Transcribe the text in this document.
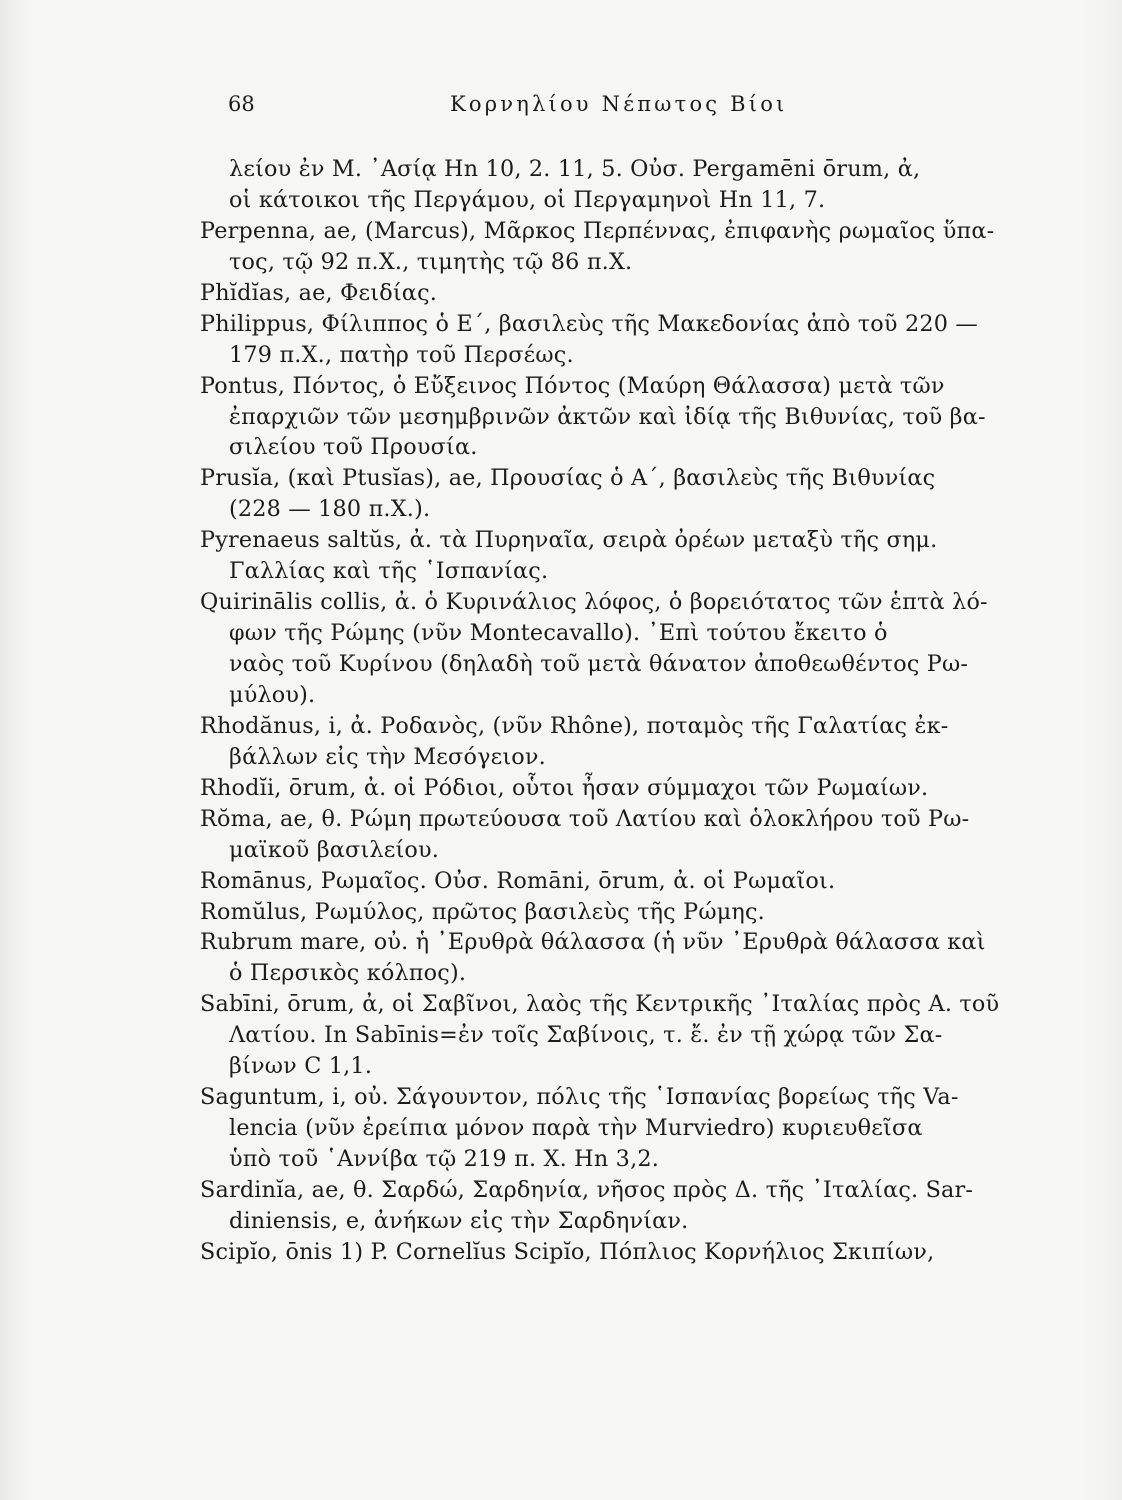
68	Κορνηλίου Νέπωτος Βίοι
λείου ἐν Μ. ᾿Ασίᾳ Hn 10, 2. 11, 5. Οὐσ. Pergamēni ōrum, ἀ,
οἱ κάτοικοι τῆς Περγάμου, οἱ Περγαμηνοὶ Hn 11, 7.
Perpenna, ae, (Marcus), Μᾶρκος Περπέννας, ἐπιφανὴς ρωμαῖος ὕπα-
τος, τῷ 92 π.Χ., τιμητὴς τῷ 86 π.Χ.
Phĭdĭas, ae, Φειδίας.
Philippus, Φίλιππος ὁ Ε΄, βασιλεὺς τῆς Μακεδονίας ἀπὸ τοῦ 220 —
179 π.Χ., πατὴρ τοῦ Περσέως.
Pontus, Πόντος, ὁ Εὔξεινος Πόντος (Μαύρη Θάλασσα) μετὰ τῶν
ἐπαρχιῶν τῶν μεσημβρινῶν ἀκτῶν καὶ ἰδίᾳ τῆς Βιθυνίας, τοῦ βα-
σιλείου τοῦ Προυσία.
Prusĭa, (καὶ Ptusĭas), ae, Προυσίας ὁ Α΄, βασιλεὺς τῆς Βιθυνίας
(228 — 180 π.Χ.).
Pyrenaeus saltŭs, ἀ. τὰ Πυρηναῖα, σειρὰ ὀρέων μεταξὺ τῆς σημ.
Γαλλίας καὶ τῆς ῾Ισπανίας.
Quirinālis collis, ἀ. ὁ Κυρινάλιος λόφος, ὁ βορειότατος τῶν ἑπτὰ λό-
φων τῆς Ρώμης (νῦν Montecavallo). ᾿Επὶ τούτου ἔκειτο ὁ
ναὸς τοῦ Κυρίνου (δηλαδὴ τοῦ μετὰ θάνατον ἀποθεωθέντος Ρω-
μύλου).
Rhodănus, i, ἀ. Ροδανὸς, (νῦν Rhône), ποταμὸς τῆς Γαλατίας ἐκ-
βάλλων εἰς τὴν Μεσόγειον.
Rhodĭi, ōrum, ἀ. οἱ Ρόδιοι, οὗτοι ἦσαν σύμμαχοι τῶν Ρωμαίων.
Rŏma, ae, θ. Ρώμη πρωτεύουσα τοῦ Λατίου καὶ ὁλοκλήρου τοῦ Ρω-
μαϊκοῦ βασιλείου.
Romānus, Ρωμαῖος. Οὐσ. Romāni, ōrum, ἀ. οἱ Ρωμαῖοι.
Romŭlus, Ρωμύλος, πρῶτος βασιλεὺς τῆς Ρώμης.
Rubrum mare, οὐ. ἡ ᾿Ερυθρὰ θάλασσα (ἡ νῦν ᾿Ερυθρὰ θάλασσα καὶ
ὁ Περσικὸς κόλπος).
Sabīni, ōrum, ἀ, οἱ Σαβῖνοι, λαὸς τῆς Κεντρικῆς ᾿Ιταλίας πρὸς Α. τοῦ
Λατίου. In Sabīnis=ἐν τοῖς Σαβίνοις, τ. ἔ. ἐν τῇ χώρᾳ τῶν Σα-
βίνων C 1,1.
Saguntum, i, οὐ. Σάγουντον, πόλις τῆς ῾Ισπανίας βορείως τῆς Va-
lencia (νῦν ἐρείπια μόνον παρὰ τὴν Murviedro) κυριευθεῖσα
ὑπὸ τοῦ ῾Αννίβα τῷ 219 π. Χ. Hn 3,2.
Sardinĭa, ae, θ. Σαρδώ, Σαρδηνία, νῆσος πρὸς Δ. τῆς ᾿Ιταλίας. Sar-
diniensis, e, ἀνήκων εἰς τὴν Σαρδηνίαν.
Scipĭo, ōnis 1) P. Cornelĭus Scipĭo, Πόπλιος Κορνήλιος Σκιπίων,
